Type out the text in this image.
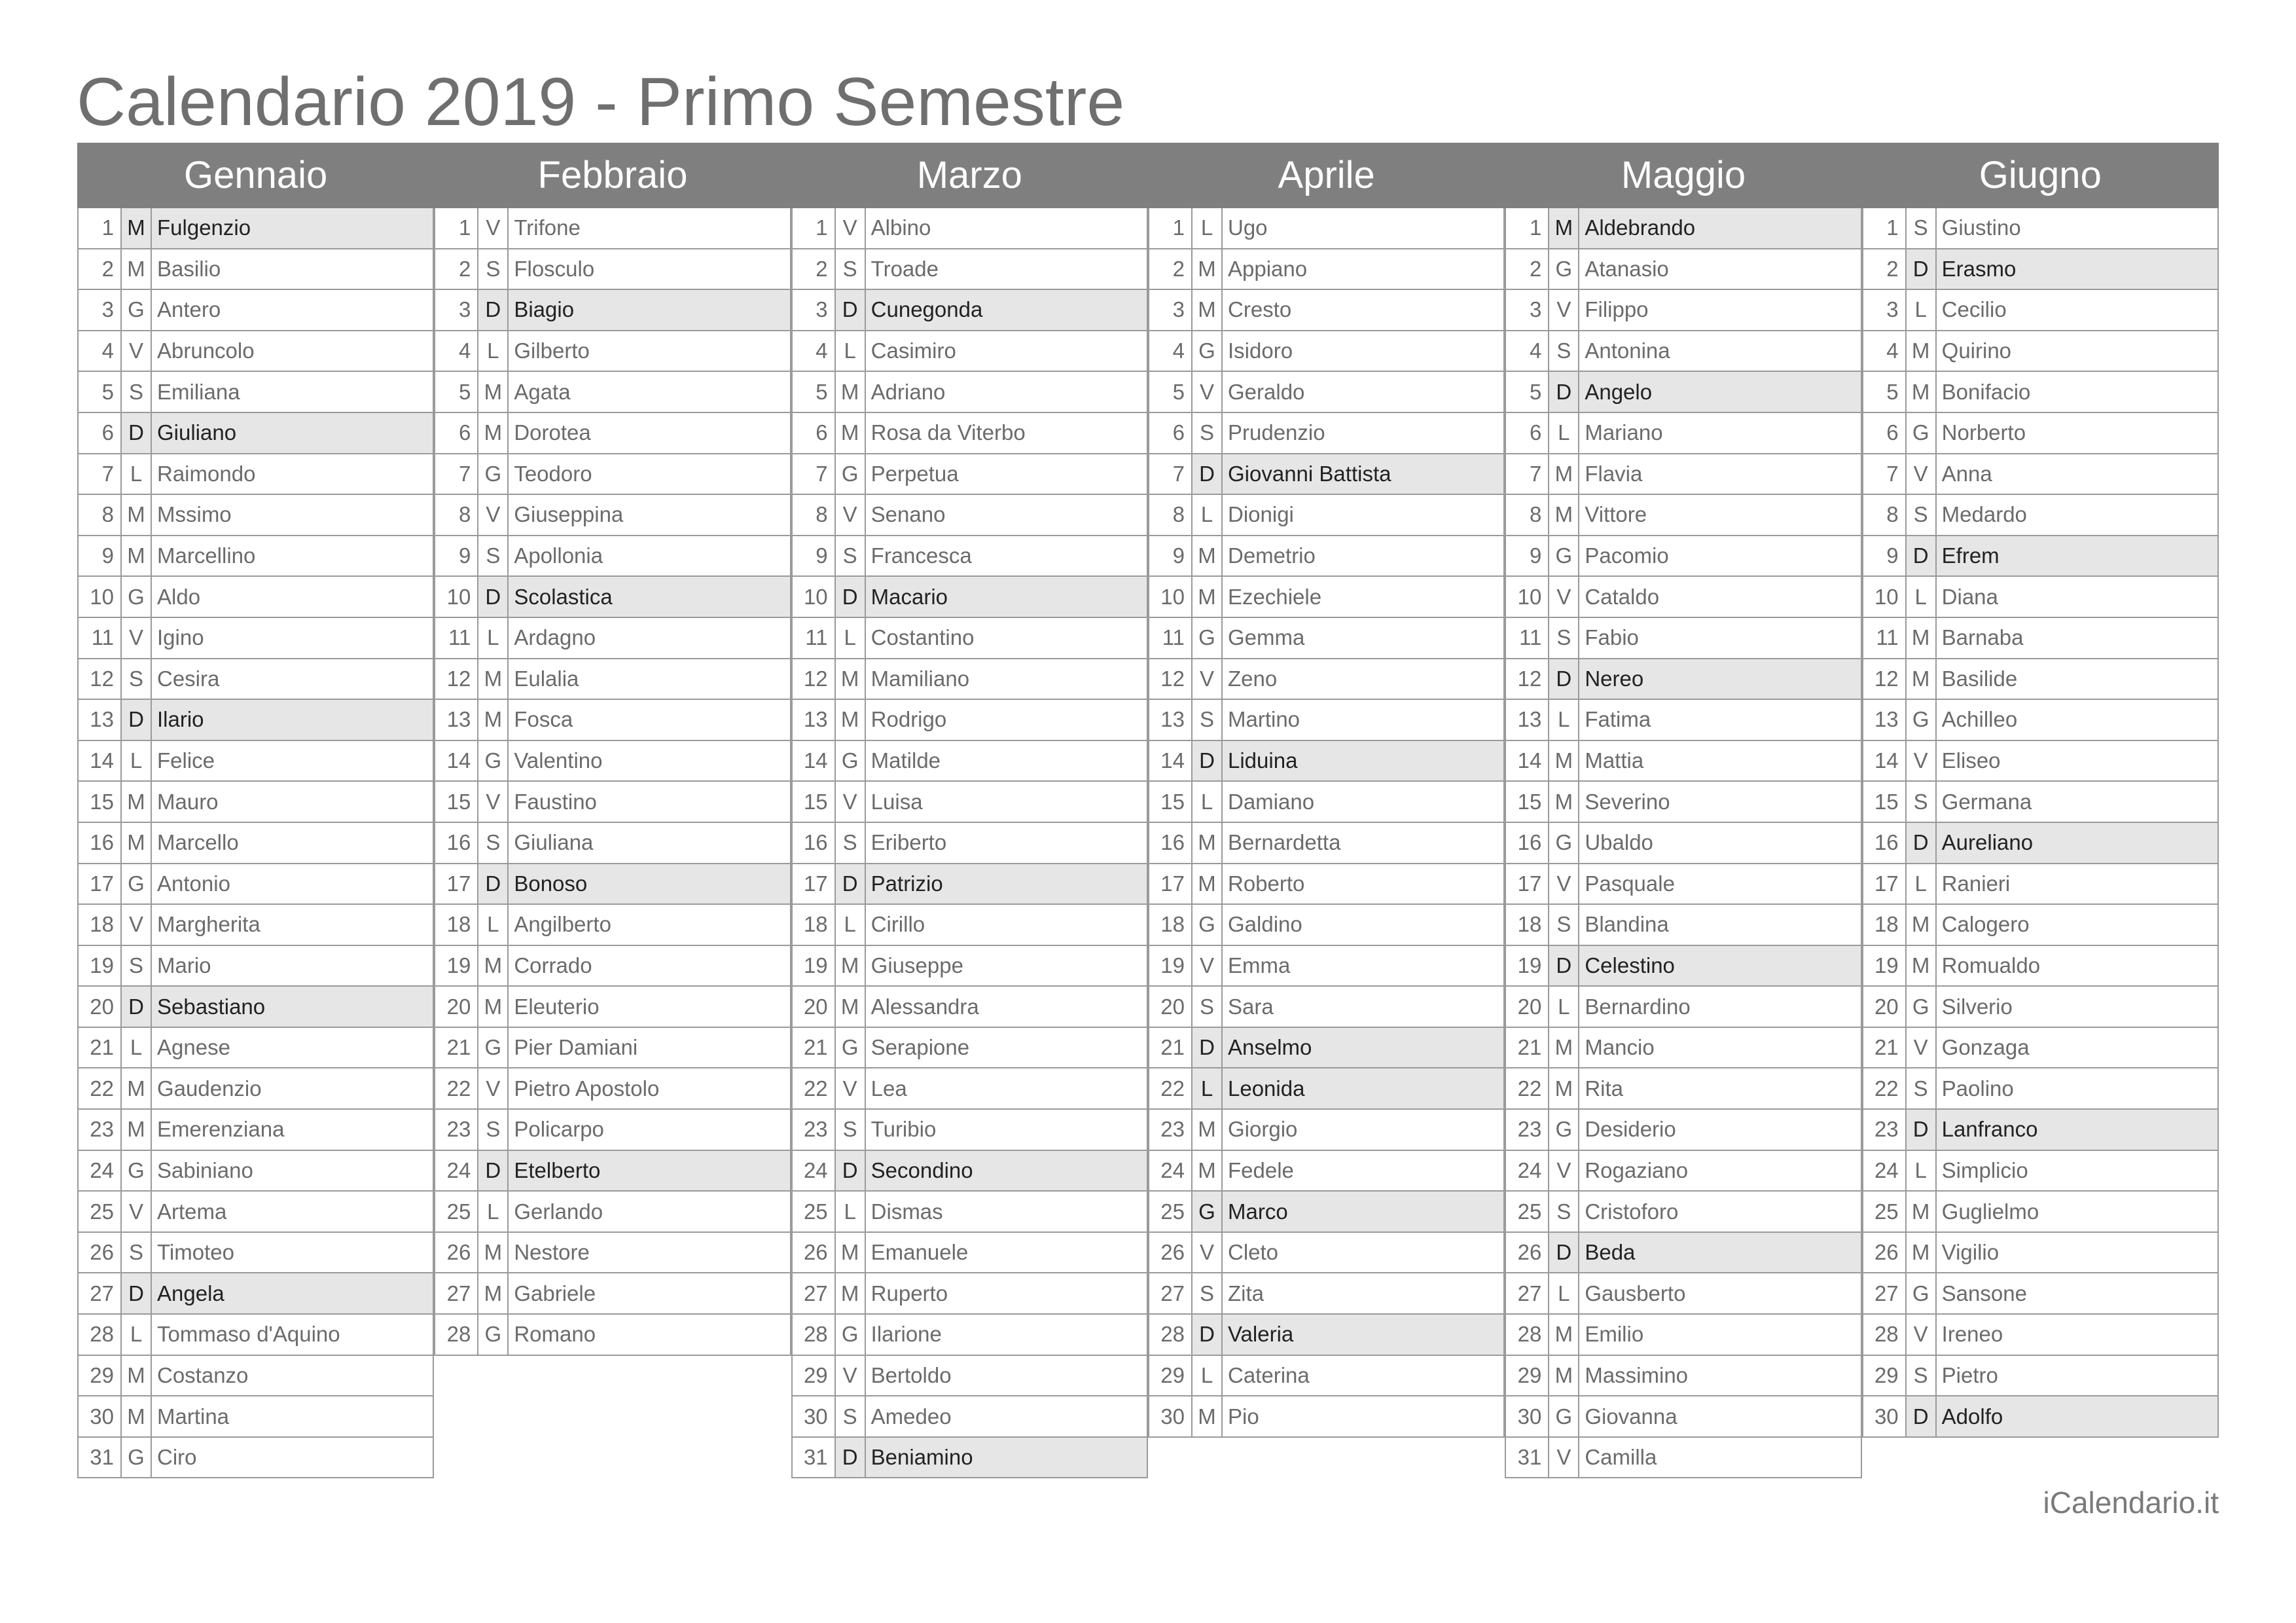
Calendario 2019 - Primo Semestre
Gennaio
1 M Fulgenzio
2 M Basilio
3 G Antero
4 V Abruncolo
5 S Emiliana
6 D Giuliano
7 L Raimondo
8 M Mssimo
9 M Marcellino
10 G Aldo
11 V Igino
12 S Cesira
13 D Ilario
14 L Felice
15 M Mauro
16 M Marcello
17 G Antonio
18 V Margherita
19 S Mario
20 D Sebastiano
21 L Agnese
22 M Gaudenzio
23 M Emerenziana
24 G Sabiniano
25 V Artema
26 S Timoteo
27 D Angela
28 L Tommaso d'Aquino
29 M Costanzo
30 M Martina
31 G Ciro
Febbraio
1 V Trifone
2 S Flosculo
3 D Biagio
4 L Gilberto
5 M Agata
6 M Dorotea
7 G Teodoro
8 V Giuseppina
9 S Apollonia
10 D Scolastica
11 L Ardagno
12 M Eulalia
13 M Fosca
14 G Valentino
15 V Faustino
16 S Giuliana
17 D Bonoso
18 L Angilberto
19 M Corrado
20 M Eleuterio
21 G Pier Damiani
22 V Pietro Apostolo
23 S Policarpo
24 D Etelberto
25 L Gerlando
26 M Nestore
27 M Gabriele
28 G Romano
Marzo
1 V Albino
2 S Troade
3 D Cunegonda
4 L Casimiro
5 M Adriano
6 M Rosa da Viterbo
7 G Perpetua
8 V Senano
9 S Francesca
10 D Macario
11 L Costantino
12 M Mamiliano
13 M Rodrigo
14 G Matilde
15 V Luisa
16 S Eriberto
17 D Patrizio
18 L Cirillo
19 M Giuseppe
20 M Alessandra
21 G Serapione
22 V Lea
23 S Turibio
24 D Secondino
25 L Dismas
26 M Emanuele
27 M Ruperto
28 G Ilarione
29 V Bertoldo
30 S Amedeo
31 D Beniamino
Aprile
1 L Ugo
2 M Appiano
3 M Cresto
4 G Isidoro
5 V Geraldo
6 S Prudenzio
7 D Giovanni Battista
8 L Dionigi
9 M Demetrio
10 M Ezechiele
11 G Gemma
12 V Zeno
13 S Martino
14 D Liduina
15 L Damiano
16 M Bernardetta
17 M Roberto
18 G Galdino
19 V Emma
20 S Sara
21 D Anselmo
22 L Leonida
23 M Giorgio
24 M Fedele
25 G Marco
26 V Cleto
27 S Zita
28 D Valeria
29 L Caterina
30 M Pio
Maggio
1 M Aldebrando
2 G Atanasio
3 V Filippo
4 S Antonina
5 D Angelo
6 L Mariano
7 M Flavia
8 M Vittore
9 G Pacomio
10 V Cataldo
11 S Fabio
12 D Nereo
13 L Fatima
14 M Mattia
15 M Severino
16 G Ubaldo
17 V Pasquale
18 S Blandina
19 D Celestino
20 L Bernardino
21 M Mancio
22 M Rita
23 G Desiderio
24 V Rogaziano
25 S Cristoforo
26 D Beda
27 L Gausberto
28 M Emilio
29 M Massimino
30 G Giovanna
31 V Camilla
Giugno
1 S Giustino
2 D Erasmo
3 L Cecilio
4 M Quirino
5 M Bonifacio
6 G Norberto
7 V Anna
8 S Medardo
9 D Efrem
10 L Diana
11 M Barnaba
12 M Basilide
13 G Achilleo
14 V Eliseo
15 S Germana
16 D Aureliano
17 L Ranieri
18 M Calogero
19 M Romualdo
20 G Silverio
21 V Gonzaga
22 S Paolino
23 D Lanfranco
24 L Simplicio
25 M Guglielmo
26 M Vigilio
27 G Sansone
28 V Ireneo
29 S Pietro
30 D Adolfo
iCalendario.it
